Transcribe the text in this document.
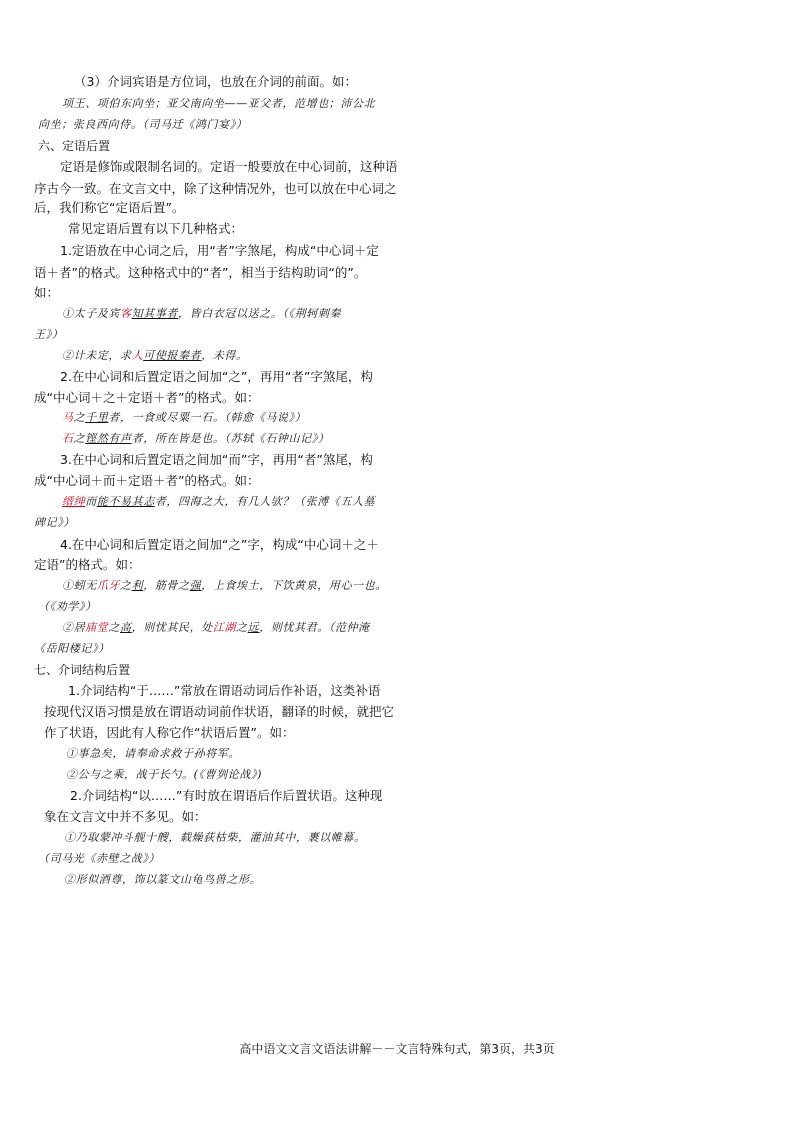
（3）介词宾语是方位词，也放在介词的前面。如：
项王、项伯东向坐；亚父南向坐——亚父者，范增也；沛公北
向坐；张良西向侍。（司马迁《鸿门宴》）
六、定语后置
定语是修饰或限制名词的。定语一般要放在中心词前，这种语
序古今一致。在文言文中，除了这种情况外，也可以放在中心词之
后，我们称它“定语后置”。
常见定语后置有以下几种格式：
1.定语放在中心词之后，用“者”字煞尾，构成“中心词＋定
语＋者”的格式。这种格式中的“者”，相当于结构助词“的”。
如：
①太子及宾客知其事者，皆白衣冠以送之。（《荆轲刺秦
王》）
②计未定，求人可使报秦者，未得。
2.在中心词和后置定语之间加“之”，再用“者”字煞尾，构
成“中心词＋之＋定语＋者”的格式。如：
马之千里者，一食或尽粟一石。（韩愈《马说》）
石之铿然有声者，所在皆是也。（苏轼《石钟山记》）
3.在中心词和后置定语之间加“而”字，再用“者”煞尾，构
成“中心词＋而＋定语＋者”的格式。如：
缙绅而能不易其志者，四海之大，有几人欤？（张溥《五人墓
碑记》）
4.在中心词和后置定语之间加“之”字，构成“中心词＋之＋
定语”的格式。如：
①蚓无爪牙之利，筋骨之强，上食埃土，下饮黄泉，用心一也。
（《劝学》）
②居庙堂之高，则忧其民，处江湖之远，则忧其君。（范仲淹
《岳阳楼记》）
七、介词结构后置
1.介词结构“于……”常放在谓语动词后作补语，这类补语
按现代汉语习惯是放在谓语动词前作状语，翻译的时候，就把它
作了状语，因此有人称它作“状语后置”。如：
①事急矣，请奉命求救于孙将军。
②公与之乘，战于长勺。(《曹刿论战》)
2.介词结构“以……”有时放在谓语后作后置状语。这种现
象在文言文中并不多见。如：
①乃取蒙冲斗舰十艘，载燥荻枯柴，灌油其中，裹以帷幕。
（司马光《赤壁之战》）
②形似酒尊，饰以篆文山龟鸟兽之形。
高中语文文言文语法讲解－－文言特殊句式，第3页，共3页
